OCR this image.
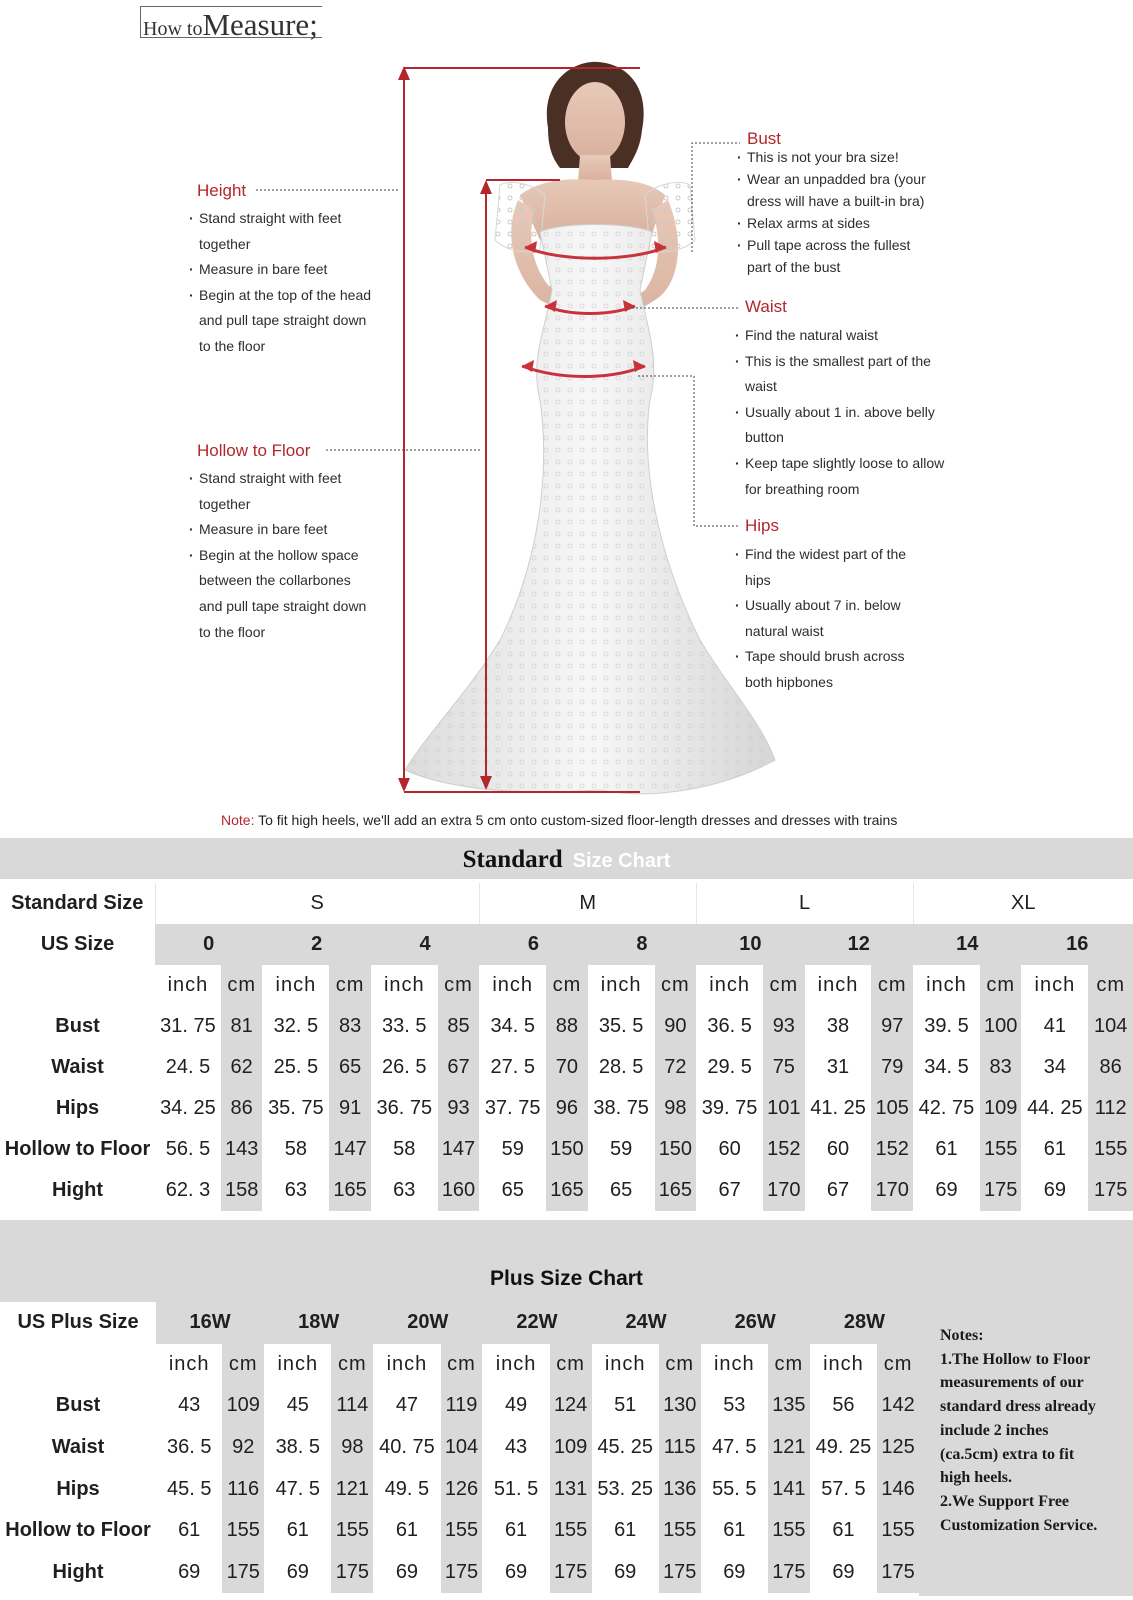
How toMeasure;
Height
· Stand straight with feet
together
· Measure in bare feet
· Begin at the top of the head
and pull tape straight down
to the floor
Hollow to Floor
· Stand straight with feet
together
· Measure in bare feet
· Begin at the hollow space
between the collarbones
and pull tape straight down
to the floor
Bust
· This is not your bra size!
· Wear an unpadded bra (your
dress will have a built-in bra)
· Relax arms at sides
· Pull tape across the fullest
part of the bust
Waist
· Find the natural waist
· This is the smallest part of the
waist
· Usually about 1 in. above belly
button
· Keep tape slightly loose to allow
for breathing room
Hips
· Find the widest part of the
hips
· Usually about 7 in. below
natural waist
· Tape should brush across
both hipbones
Note: To fit high heels, we'll add an extra 5 cm onto custom-sized floor-length dresses and dresses with trains
Standard Size Chart
Standard Size	S						M				L				XL			
US Size	0		2		4		6		8		10		12		14		16	
	inch	cm	inch	cm	inch	cm	inch	cm	inch	cm	inch	cm	inch	cm	inch	cm	inch	cm
Bust	31. 75	81	32. 5	83	33. 5	85	34. 5	88	35. 5	90	36. 5	93	38	97	39. 5	100	41	104
Waist	24. 5	62	25. 5	65	26. 5	67	27. 5	70	28. 5	72	29. 5	75	31	79	34. 5	83	34	86
Hips	34. 25	86	35. 75	91	36. 75	93	37. 75	96	38. 75	98	39. 75	101	41. 25	105	42. 75	109	44. 25	112
Hollow to Floor	56. 5	143	58	147	58	147	59	150	59	150	60	152	60	152	61	155	61	155
Hight	62. 3	158	63	165	63	160	65	165	65	165	67	170	67	170	69	175	69	175
Plus Size Chart
US Plus Size	16W		18W		20W		22W		24W		26W		28W	
	inch	cm	inch	cm	inch	cm	inch	cm	inch	cm	inch	cm	inch	cm
Bust	43	109	45	114	47	119	49	124	51	130	53	135	56	142
Waist	36. 5	92	38. 5	98	40. 75	104	43	109	45. 25	115	47. 5	121	49. 25	125
Hips	45. 5	116	47. 5	121	49. 5	126	51. 5	131	53. 25	136	55. 5	141	57. 5	146
Hollow to Floor	61	155	61	155	61	155	61	155	61	155	61	155	61	155
Hight	69	175	69	175	69	175	69	175	69	175	69	175	69	175
Notes:
1.The Hollow to Floor
measurements of our
standard dress already
include 2 inches
(ca.5cm) extra to fit
high heels.
2.We Support Free
Customization Service.
